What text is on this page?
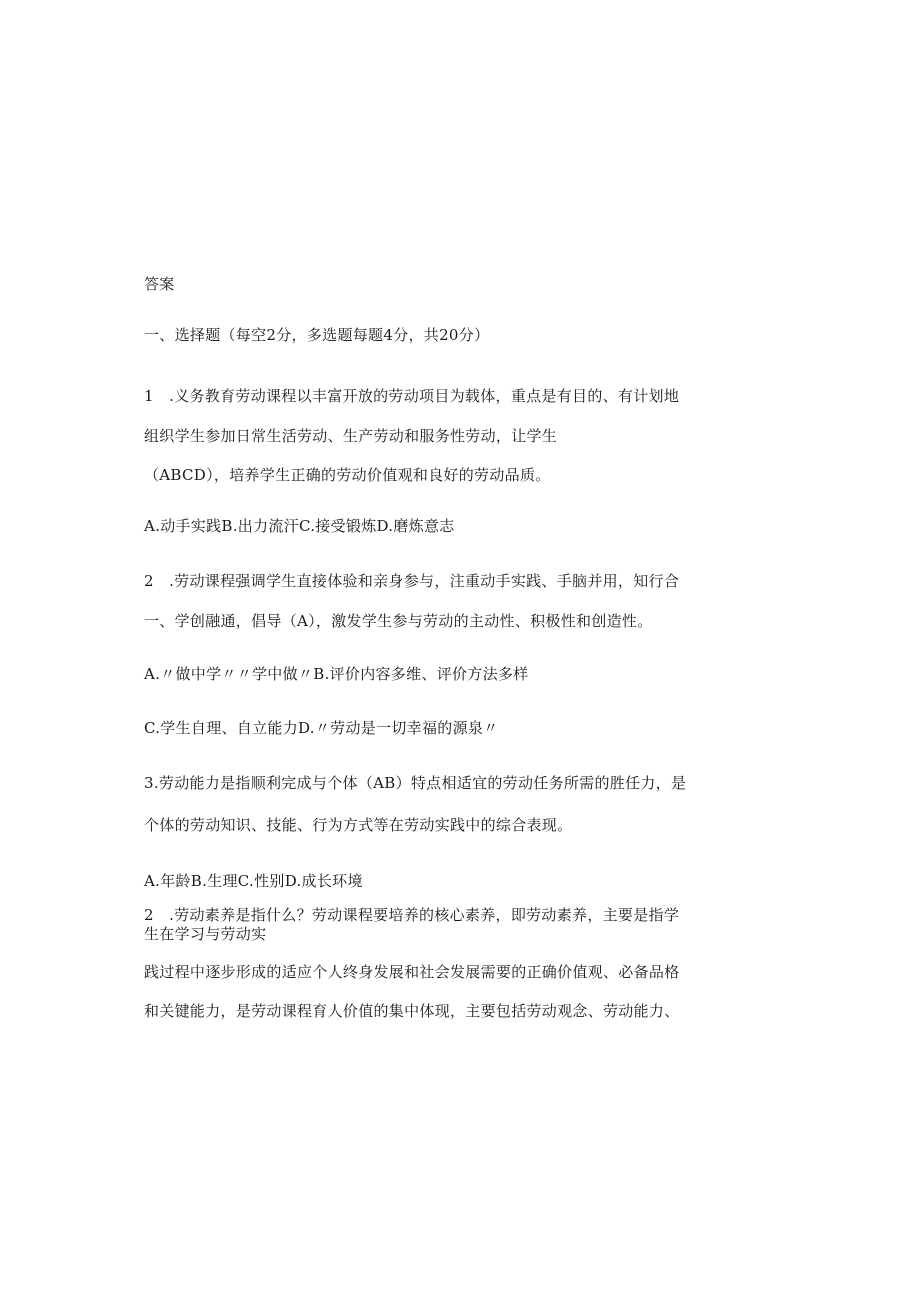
答案
一、选择题（每空2分，多选题每题4分，共20分）
1　.义务教育劳动课程以丰富开放的劳动项目为载体，重点是有目的、有计划地
组织学生参加日常生活劳动、生产劳动和服务性劳动，让学生
（ABCD），培养学生正确的劳动价值观和良好的劳动品质。
A.动手实践B.出力流汗C.接受锻炼D.磨炼意志
2　.劳动课程强调学生直接体验和亲身参与，注重动手实践、手脑并用，知行合
一、学创融通，倡导（A），激发学生参与劳动的主动性、积极性和创造性。
A.〃做中学〃〃学中做〃B.评价内容多维、评价方法多样
C.学生自理、自立能力D.〃劳动是一切幸福的源泉〃
3.劳动能力是指顺利完成与个体（AB）特点相适宜的劳动任务所需的胜任力，是
个体的劳动知识、技能、行为方式等在劳动实践中的综合表现。
A.年龄B.生理C.性别D.成长环境
2　.劳动素养是指什么？劳动课程要培养的核心素养，即劳动素养，主要是指学
生在学习与劳动实
践过程中逐步形成的适应个人终身发展和社会发展需要的正确价值观、必备品格
和关键能力，是劳动课程育人价值的集中体现，主要包括劳动观念、劳动能力、
